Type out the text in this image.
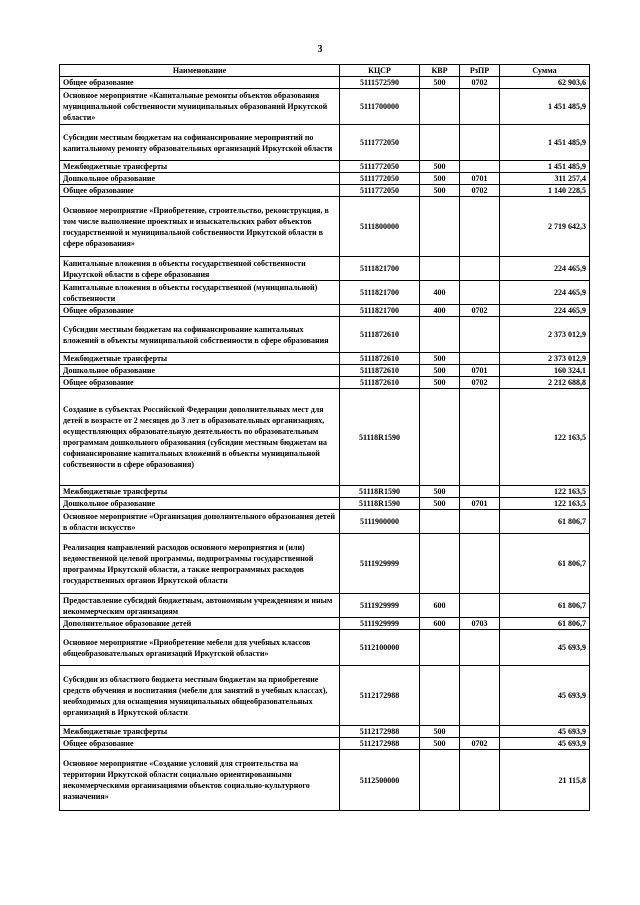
3
Наименование	КЦСР	КВР	РзПР	Сумма
Общее образование	5111572590	500	0702	62 903,6
Основное мероприятие «Капитальные ремонты объектов образования муниципальной собственности муниципальных образований Иркутской области»	5111700000			1 451 485,9
Субсидии местным бюджетам на софинансирование мероприятий по капитальному ремонту образовательных организаций Иркутской области	5111772050			1 451 485,9
Межбюджетные трансферты	5111772050	500		1 451 485,9
Дошкольное образование	5111772050	500	0701	311 257,4
Общее образование	5111772050	500	0702	1 140 228,5
Основное мероприятие «Приобретение, строительство, реконструкция, в том числе выполнение проектных и изыскательских работ объектов государственной и муниципальной собственности Иркутской области в сфере образования»	5111800000			2 719 642,3
Капитальные вложения в объекты государственной собственности Иркутской области в сфере образования	5111821700			224 465,9
Капитальные вложения в объекты государственной (муниципальной) собственности	5111821700	400		224 465,9
Общее образование	5111821700	400	0702	224 465,9
Субсидии местным бюджетам на софинансирование капитальных вложений в объекты муниципальной собственности в сфере образования	5111872610			2 373 012,9
Межбюджетные трансферты	5111872610	500		2 373 012,9
Дошкольное образование	5111872610	500	0701	160 324,1
Общее образование	5111872610	500	0702	2 212 688,8
Создание в субъектах Российской Федерации дополнительных мест для детей в возрасте от 2 месяцев до 3 лет в образовательных организациях, осуществляющих образовательную деятельность по образовательным программам дошкольного образования (субсидии местным бюджетам на софинансирование капитальных вложений в объекты муниципальной собственности в сфере образования)	51118R1590			122 163,5
Межбюджетные трансферты	51118R1590	500		122 163,5
Дошкольное образование	51118R1590	500	0701	122 163,5
Основное мероприятие «Организация дополнительного образования детей в области искусств»	5111900000			61 806,7
Реализация направлений расходов основного мероприятия и (или) ведомственной целевой программы, подпрограммы государственной программы Иркутской области, а также непрограммных расходов государственных органов Иркутской области	5111929999			61 806,7
Предоставление субсидий бюджетным, автономным учреждениям и иным некоммерческим организациям	5111929999	600		61 806,7
Дополнительное образование детей	5111929999	600	0703	61 806,7
Основное мероприятие «Приобретение мебели для учебных классов общеобразовательных организаций Иркутской области»	5112100000			45 693,9
Субсидии из областного бюджета местным бюджетам на приобретение средств обучения и воспитания (мебели для занятий в учебных классах), необходимых для оснащения муниципальных общеобразовательных организаций в Иркутской области	5112172988			45 693,9
Межбюджетные трансферты	5112172988	500		45 693,9
Общее образование	5112172988	500	0702	45 693,9
Основное мероприятие «Создание условий для строительства на территории Иркутской области социально ориентированными некоммерческими организациями объектов социально-культурного назначения»	5112500000			21 115,8
